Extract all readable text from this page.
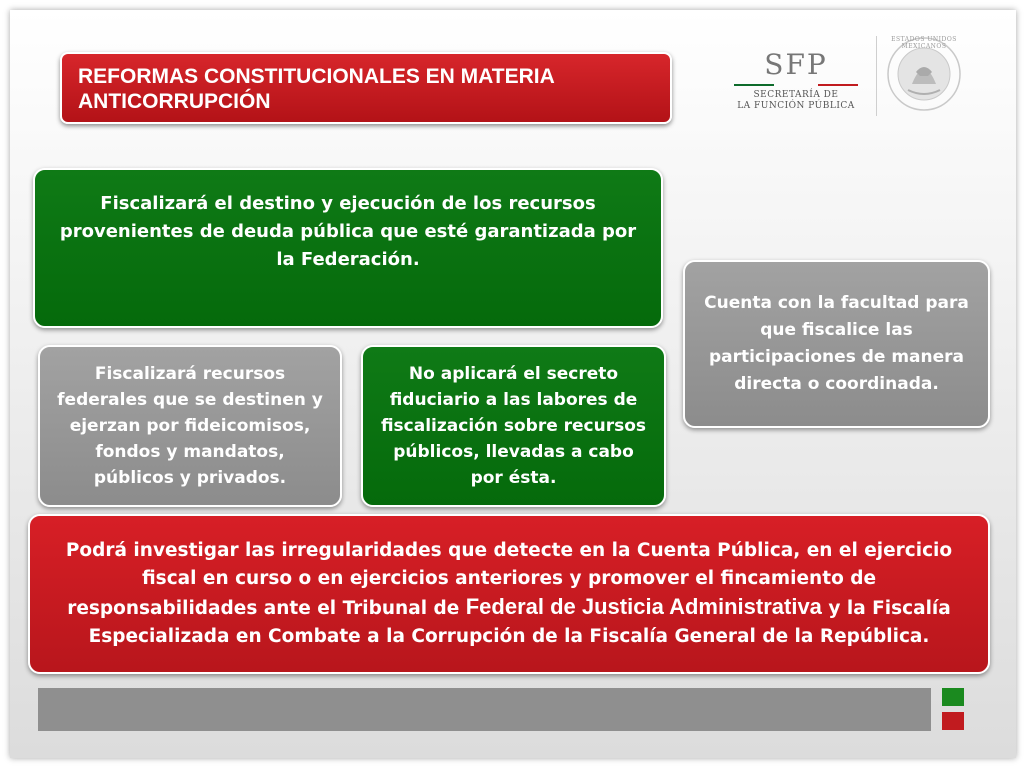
REFORMAS CONSTITUCIONALES EN MATERIA ANTICORRUPCIÓN
SFP
SECRETARÍA DE
LA FUNCIÓN PÚBLICA
ESTADOS UNIDOS MEXICANOS
Fiscalizará el destino y ejecución de los recursos provenientes de deuda pública que esté garantizada por la Federación.
Cuenta con la facultad para que fiscalice las participaciones de manera directa o coordinada.
Fiscalizará recursos federales que se destinen y ejerzan por fideicomisos, fondos y mandatos, públicos y privados.
No aplicará el secreto fiduciario a las labores de fiscalización sobre recursos públicos, llevadas a cabo por ésta.
Podrá investigar las irregularidades que detecte en la Cuenta Pública, en el ejercicio fiscal en curso o en ejercicios anteriores y promover el fincamiento de responsabilidades ante el Tribunal de Federal de Justicia Administrativa y la Fiscalía Especializada en Combate a la Corrupción de la Fiscalía General de la República.
